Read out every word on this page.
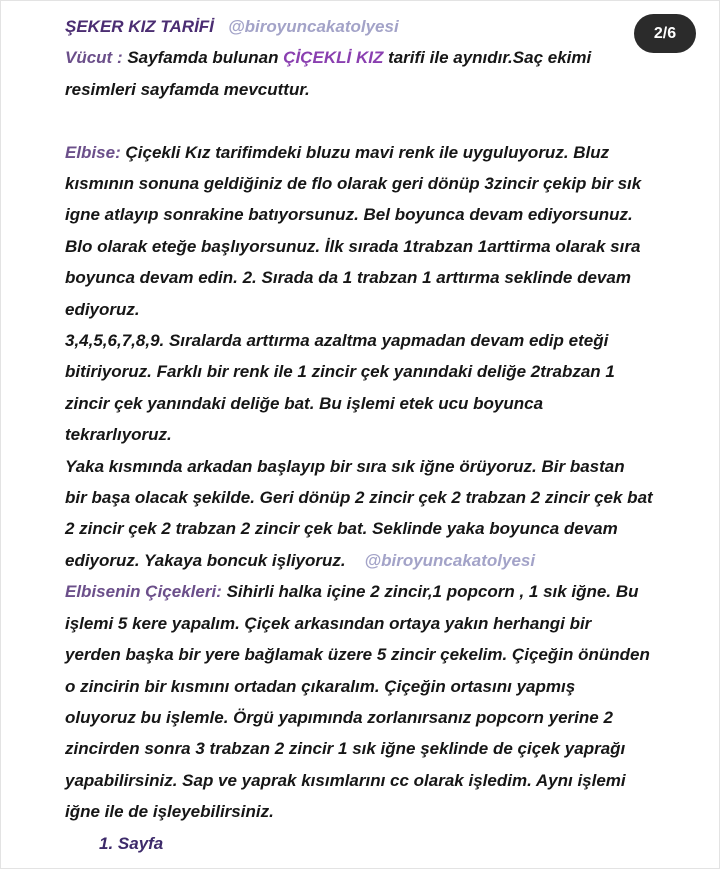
ŞEKER KIZ TARİFİ @biroyuncakatolyesi

Vücut : Sayfamda bulunan ÇİÇEKLİ KIZ tarifi ile aynıdır.Saç ekimi

resimleri sayfamda mevcuttur.

Elbise: Çiçekli Kız tarifimdeki bluzu mavi renk ile uyguluyoruz. Bluz

kısmının sonuna geldiğiniz de flo olarak geri dönüp 3zincir çekip bir sık

igne atlayıp sonrakine batıyorsunuz. Bel boyunca devam ediyorsunuz.

Blo olarak eteğe başlıyorsunuz. İlk sırada 1trabzan 1arttirma olarak sıra

boyunca devam edin. 2. Sırada da 1 trabzan 1 arttırma seklinde devam

ediyoruz.

3,4,5,6,7,8,9. Sıralarda arttırma azaltma yapmadan devam edip eteği

bitiriyoruz. Farklı bir renk ile 1 zincir çek yanındaki deliğe 2trabzan 1

zincir çek yanındaki deliğe bat. Bu işlemi etek ucu boyunca

tekrarlıyoruz.

Yaka kısmında arkadan başlayıp bir sıra sık iğne örüyoruz. Bir bastan

bir başa olacak şekilde. Geri dönüp 2 zincir çek 2 trabzan 2 zincir çek bat

2 zincir çek 2 trabzan 2 zincir çek bat. Seklinde yaka boyunca devam

ediyoruz. Yakaya boncuk işliyoruz. @biroyuncakatolyesi

Elbisenin Çiçekleri: Sihirli halka içine 2 zincir,1 popcorn , 1 sık iğne. Bu

işlemi 5 kere yapalım. Çiçek arkasından ortaya yakın herhangi bir

yerden başka bir yere bağlamak üzere 5 zincir çekelim. Çiçeğin önünden

o zincirin bir kısmını ortadan çıkaralım. Çiçeğin ortasını yapmış

oluyoruz bu işlemle. Örgü yapımında zorlanırsanız popcorn yerine 2

zincirden sonra 3 trabzan 2 zincir 1 sık iğne şeklinde de çiçek yaprağı

yapabilirsiniz. Sap ve yaprak kısımlarını cc olarak işledim. Aynı işlemi

iğne ile de işleyebilirsiniz.

1. Sayfa

2/6
